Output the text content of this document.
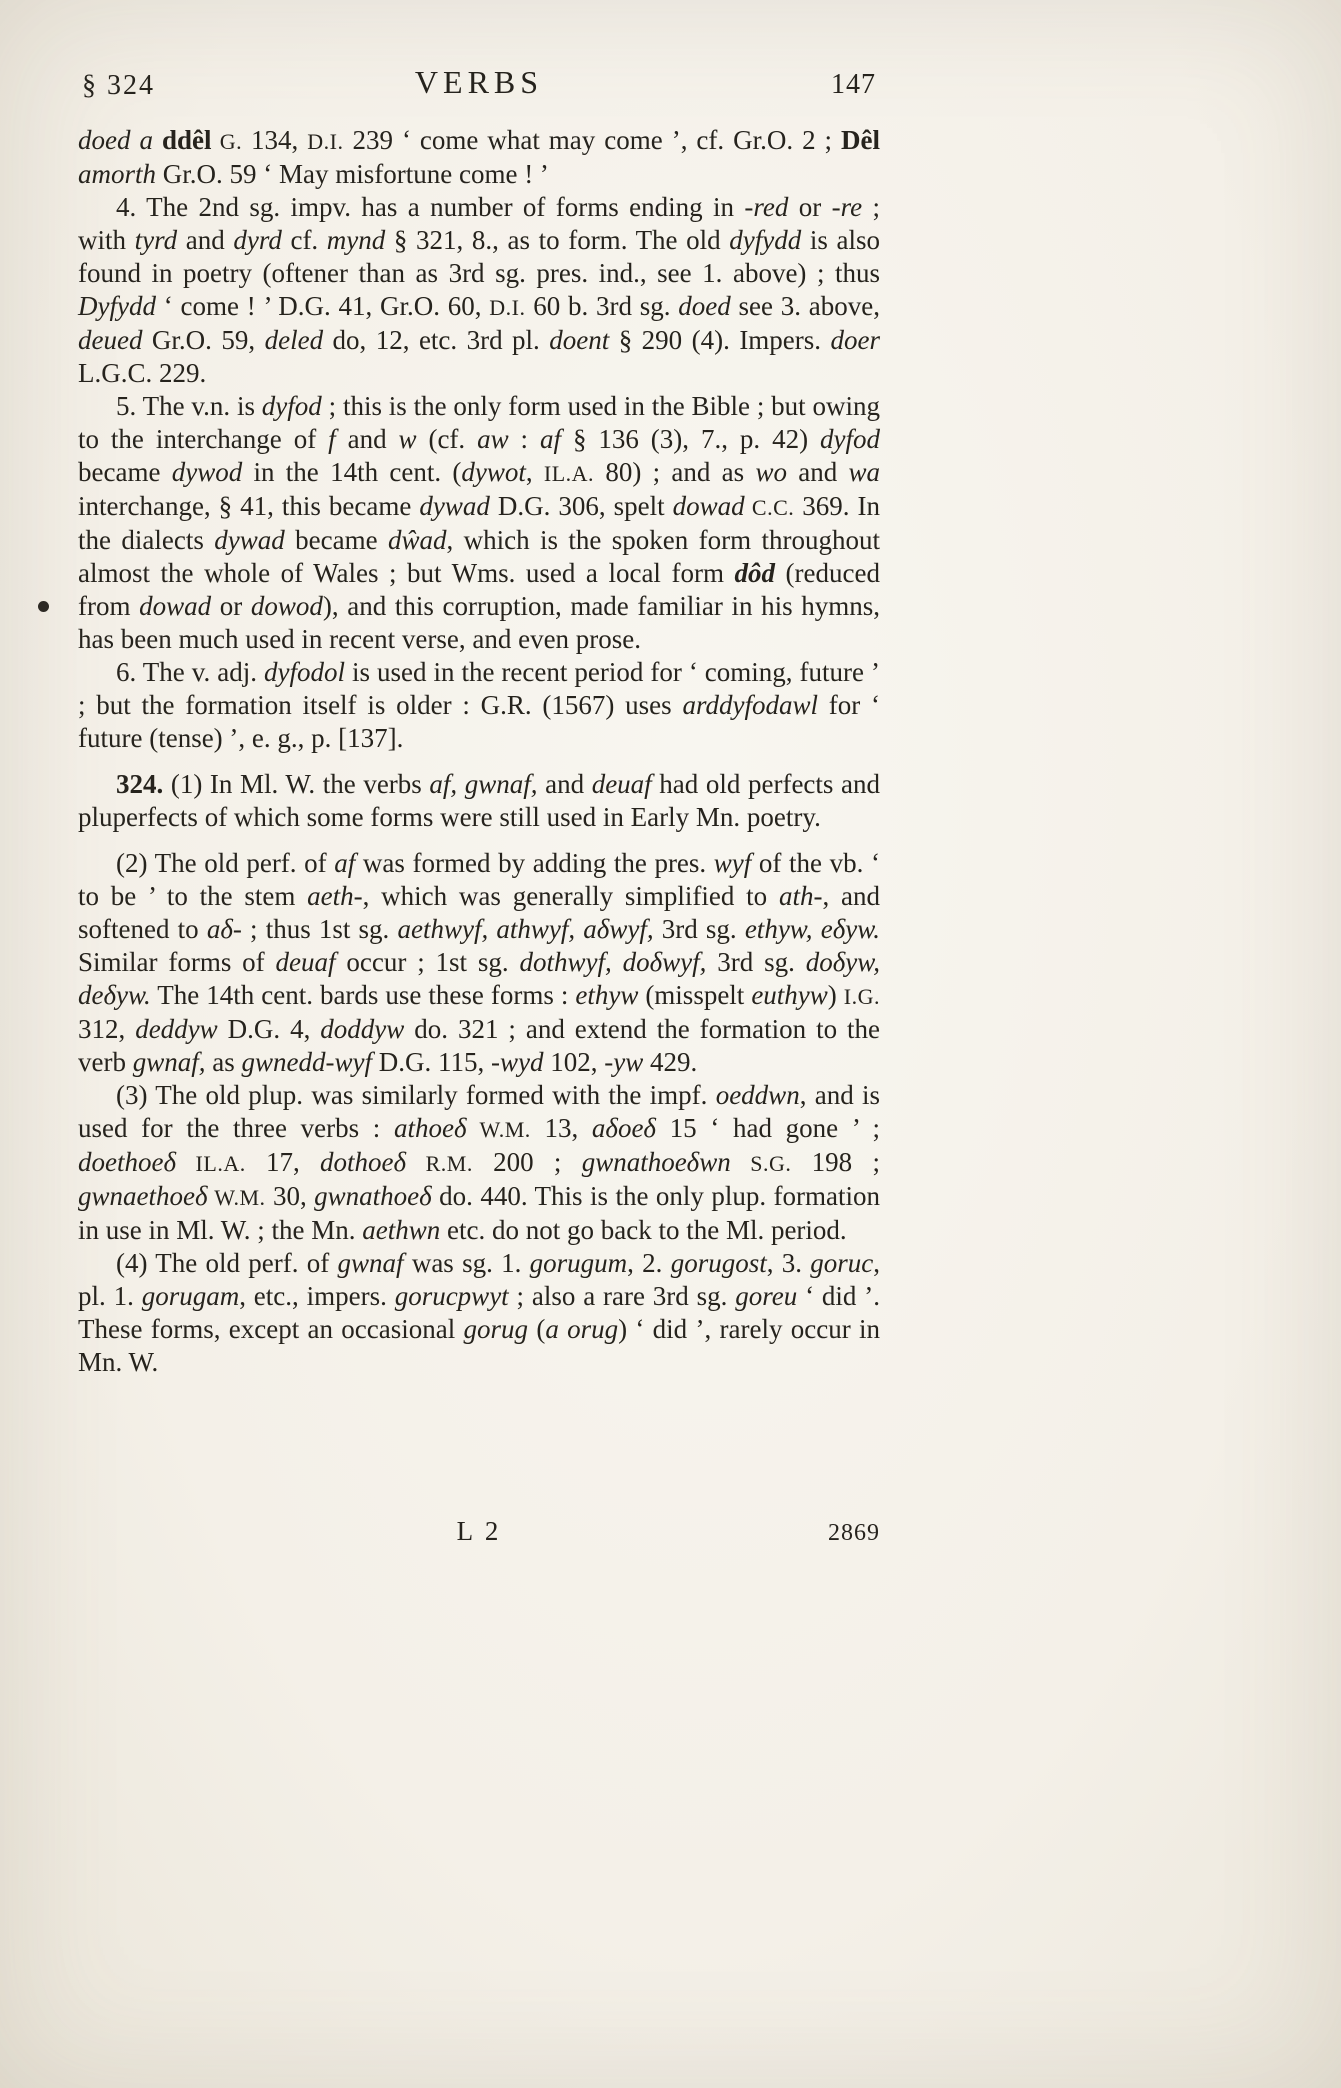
§ 324	VERBS	147

doed a ddêl G. 134, D.I. 239 ‘ come what may come ’, cf. Gr.O. 2 ; Dêl amorth Gr.O. 59 ‘ May misfortune come ! ’

4. The 2nd sg. impv. has a number of forms ending in -red or -re ; with tyrd and dyrd cf. mynd § 321, 8., as to form. The old dyfydd is also found in poetry (oftener than as 3rd sg. pres. ind., see 1. above) ; thus Dyfydd ‘ come ! ’ D.G. 41, Gr.O. 60, D.I. 60 b. 3rd sg. doed see 3. above, deued Gr.O. 59, deled do, 12, etc. 3rd pl. doent § 290 (4). Impers. doer L.G.C. 229.

5. The v.n. is dyfod ; this is the only form used in the Bible ; but owing to the interchange of f and w (cf. aw : af § 136 (3), 7., p. 42) dyfod became dywod in the 14th cent. (dywot, IL.A. 80) ; and as wo and wa interchange, § 41, this became dywad D.G. 306, spelt dowad C.C. 369. In the dialects dywad became dŵad, which is the spoken form throughout almost the whole of Wales ; but Wms. used a local form dôd (reduced from dowad or dowod), and this corruption, made familiar in his hymns, has been much used in recent verse, and even prose.

6. The v. adj. dyfodol is used in the recent period for ‘ coming, future ’ ; but the formation itself is older : G.R. (1567) uses arddyfodawl for ‘ future (tense) ’, e. g., p. [137].

324. (1) In Ml. W. the verbs af, gwnaf, and deuaf had old perfects and pluperfects of which some forms were still used in Early Mn. poetry.

(2) The old perf. of af was formed by adding the pres. wyf of the vb. ‘ to be ’ to the stem aeth-, which was generally simplified to ath-, and softened to aδ- ; thus 1st sg. aethwyf, athwyf, aδwyf, 3rd sg. ethyw, eδyw. Similar forms of deuaf occur ; 1st sg. dothwyf, doδwyf, 3rd sg. doδyw, deδyw. The 14th cent. bards use these forms : ethyw (misspelt euthyw) I.G. 312, deddyw D.G. 4, doddyw do. 321 ; and extend the formation to the verb gwnaf, as gwnedd-wyf D.G. 115, -wyd 102, -yw 429.

(3) The old plup. was similarly formed with the impf. oeddwn, and is used for the three verbs : athoeδ W.M. 13, aδoeδ 15 ‘ had gone ’ ; doethoeδ IL.A. 17, dothoeδ R.M. 200 ; gwnathoeδwn S.G. 198 ; gwnaethoeδ W.M. 30, gwnathoeδ do. 440. This is the only plup. formation in use in Ml. W. ; the Mn. aethwn etc. do not go back to the Ml. period.

(4) The old perf. of gwnaf was sg. 1. gorugum, 2. gorugost, 3. goruc, pl. 1. gorugam, etc., impers. gorucpwyt ; also a rare 3rd sg. goreu ‘ did ’. These forms, except an occasional gorug (a orug) ‘ did ’, rarely occur in Mn. W.

L 2	2869
